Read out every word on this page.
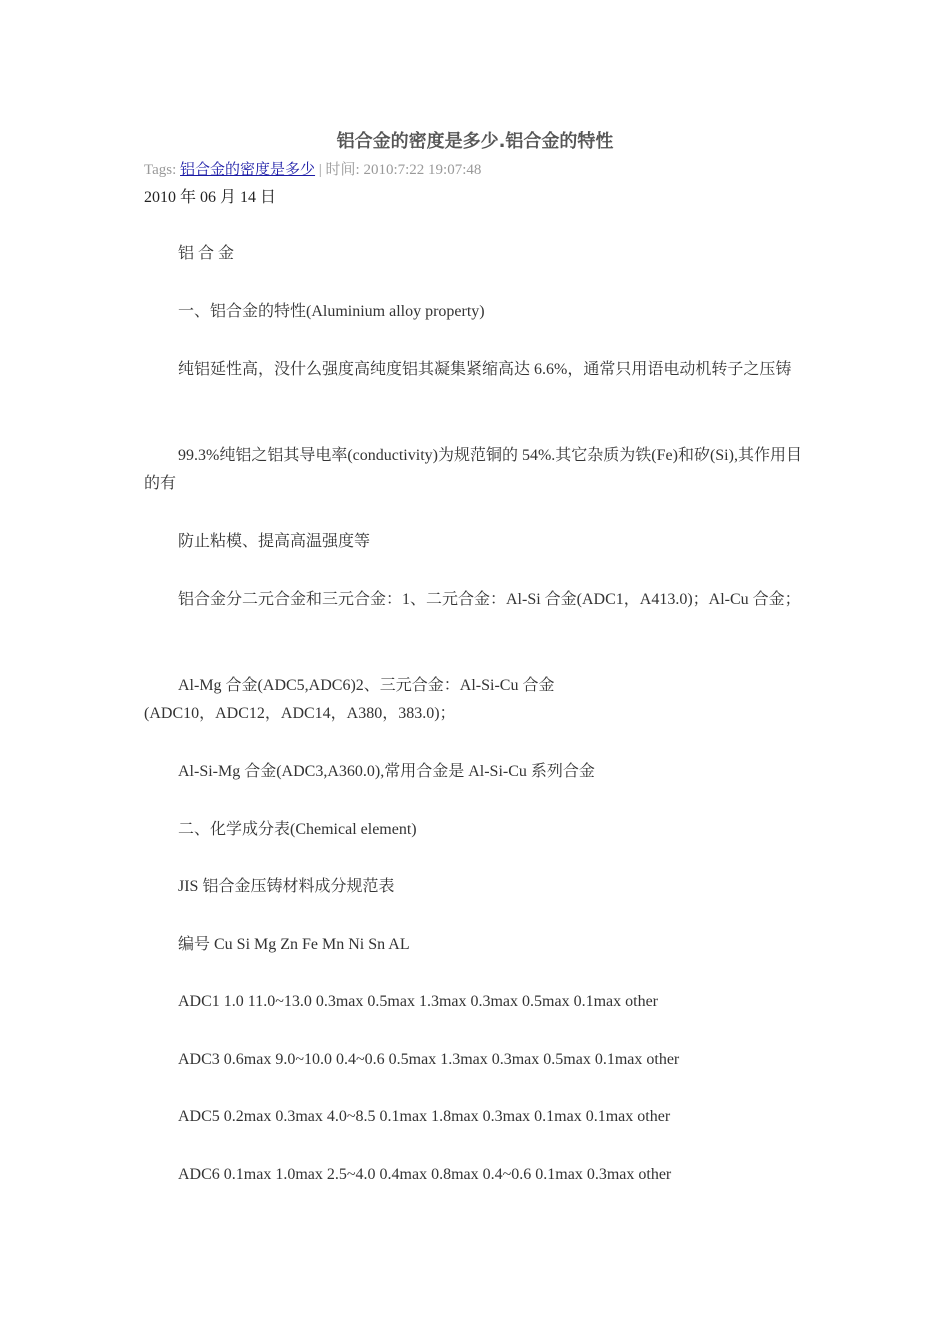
铝合金的密度是多少.铝合金的特性
Tags: 铝合金的密度是多少 | 时间: 2010:7:22 19:07:48
2010 年 06 月 14 日
铝 合 金
一、铝合金的特性(Aluminium alloy property)
纯铝延性高，没什么强度高纯度铝其凝集紧缩高达 6.6%，通常只用语电动机转子之压铸
99.3%纯铝之铝其导电率(conductivity)为规范铜的 54%.其它杂质为铁(Fe)和矽(Si),其作用目的有
防止粘模、提高高温强度等
铝合金分二元合金和三元合金：1、二元合金：Al-Si 合金(ADC1，A413.0)；Al-Cu 合金；
Al-Mg 合金(ADC5,ADC6)2、三元合金：Al-Si-Cu 合金(ADC10，ADC12，ADC14，A380，383.0)；
Al-Si-Mg 合金(ADC3,A360.0),常用合金是 Al-Si-Cu 系列合金
二、化学成分表(Chemical element)
JIS 铝合金压铸材料成分规范表
编号 Cu Si Mg Zn Fe Mn Ni Sn AL
ADC1 1.0 11.0~13.0 0.3max 0.5max 1.3max 0.3max 0.5max 0.1max other
ADC3 0.6max 9.0~10.0 0.4~0.6 0.5max 1.3max 0.3max 0.5max 0.1max other
ADC5 0.2max 0.3max 4.0~8.5 0.1max 1.8max 0.3max 0.1max 0.1max other
ADC6 0.1max 1.0max 2.5~4.0 0.4max 0.8max 0.4~0.6 0.1max 0.3max other
